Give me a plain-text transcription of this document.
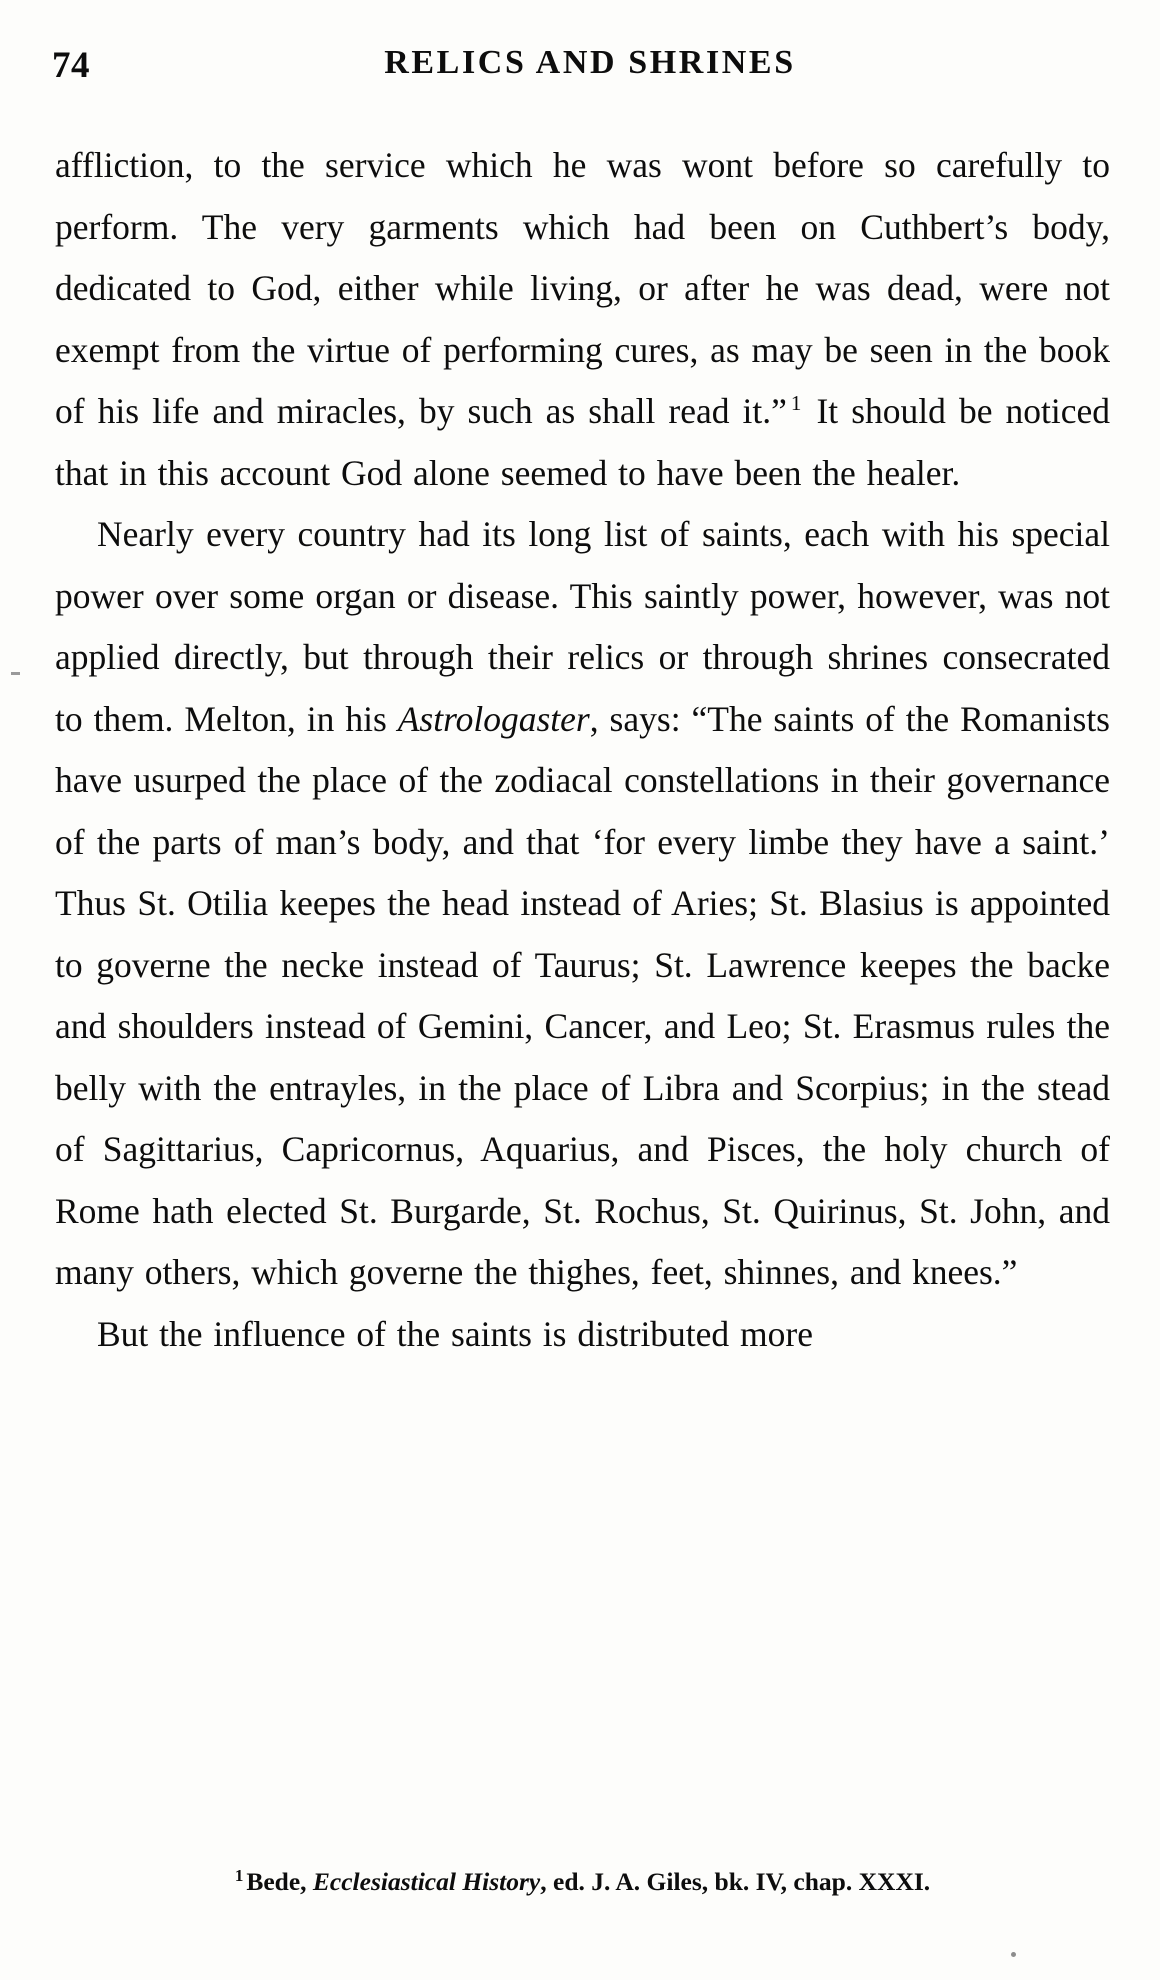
74	RELICS AND SHRINES

affliction, to the service which he was wont before so carefully to perform. The very garments which had been on Cuthbert’s body, dedicated to God, either while living, or after he was dead, were not exempt from the virtue of performing cures, as may be seen in the book of his life and miracles, by such as shall read it.” $^1$ It should be noticed that in this account God alone seemed to have been the healer.

Nearly every country had its long list of saints, each with his special power over some organ or disease. This saintly power, however, was not applied directly, but through their relics or through shrines consecrated to them. Melton, in his Astrologaster, says: “The saints of the Romanists have usurped the place of the zodiacal constellations in their governance of the parts of man’s body, and that ‘for every limbe they have a saint.’ Thus St. Otilia keepes the head instead of Aries; St. Blasius is appointed to governe the necke instead of Taurus; St. Lawrence keepes the backe and shoulders instead of Gemini, Cancer, and Leo; St. Erasmus rules the belly with the entrayles, in the place of Libra and Scorpius; in the stead of Sagittarius, Capricornus, Aquarius, and Pisces, the holy church of Rome hath elected St. Burgarde, St. Rochus, St. Quirinus, St. John, and many others, which governe the thighes, feet, shinnes, and knees.”

But the influence of the saints is distributed more

$^1$ Bede, Ecclesiastical History, ed. J. A. Giles, bk. IV, chap. XXXI.
